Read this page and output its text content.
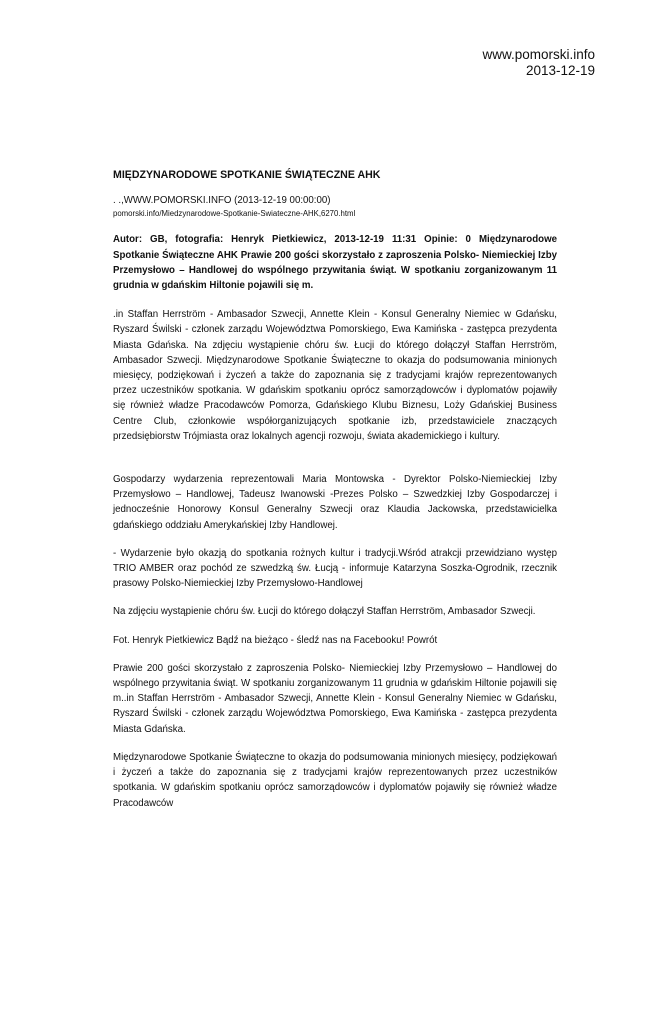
www.pomorski.info
2013-12-19

MIĘDZYNARODOWE SPOTKANIE ŚWIĄTECZNE AHK

. .,WWW.POMORSKI.INFO (2013-12-19 00:00:00)

pomorski.info/Miedzynarodowe-Spotkanie-Swiateczne-AHK,6270.html

Autor: GB, fotografia: Henryk Pietkiewicz, 2013-12-19 11:31 Opinie: 0 Międzynarodowe Spotkanie Świąteczne AHK Prawie 200 gości skorzystało z zaproszenia Polsko- Niemieckiej Izby Przemysłowo – Handlowej do wspólnego przywitania świąt. W spotkaniu zorganizowanym 11 grudnia w gdańskim Hiltonie pojawili się m.

.in Staffan Herrström - Ambasador Szwecji, Annette Klein - Konsul Generalny Niemiec w Gdańsku, Ryszard Świlski - członek zarządu Województwa Pomorskiego, Ewa Kamińska - zastępca prezydenta Miasta Gdańska. Na zdjęciu wystąpienie chóru św. Łucji do którego dołączył Staffan Herrström, Ambasador Szwecji. Międzynarodowe Spotkanie Świąteczne to okazja do podsumowania minionych miesięcy, podziękowań i życzeń a także do zapoznania się z tradycjami krajów reprezentowanych przez uczestników spotkania. W gdańskim spotkaniu oprócz samorządowców i dyplomatów pojawiły się również władze Pracodawców Pomorza, Gdańskiego Klubu Biznesu, Loży Gdańskiej Business Centre Club, członkowie współorganizujących spotkanie izb, przedstawiciele znaczących przedsiębiorstw Trójmiasta oraz lokalnych agencji rozwoju, świata akademickiego i kultury.

Gospodarzy wydarzenia reprezentowali Maria Montowska - Dyrektor Polsko-Niemieckiej Izby Przemysłowo – Handlowej, Tadeusz Iwanowski -Prezes Polsko – Szwedzkiej Izby Gospodarczej i jednocześnie Honorowy Konsul Generalny Szwecji oraz Klaudia Jackowska, przedstawicielka gdańskiego oddziału Amerykańskiej Izby Handlowej.

- Wydarzenie było okazją do spotkania rożnych kultur i tradycji.Wśród atrakcji przewidziano występ TRIO AMBER oraz pochód ze szwedzką św. Łucją - informuje Katarzyna Soszka-Ogrodnik, rzecznik prasowy Polsko-Niemieckiej Izby Przemysłowo-Handlowej

Na zdjęciu wystąpienie chóru św. Łucji do którego dołączył Staffan Herrström, Ambasador Szwecji.

Fot. Henryk Pietkiewicz Bądź na bieżąco - śledź nas na Facebooku! Powrót

Prawie 200 gości skorzystało z zaproszenia Polsko- Niemieckiej Izby Przemysłowo – Handlowej do wspólnego przywitania świąt. W spotkaniu zorganizowanym 11 grudnia w gdańskim Hiltonie pojawili się m..in Staffan Herrström - Ambasador Szwecji, Annette Klein - Konsul Generalny Niemiec w Gdańsku, Ryszard Świlski - członek zarządu Województwa Pomorskiego, Ewa Kamińska - zastępca prezydenta Miasta Gdańska.

Międzynarodowe Spotkanie Świąteczne to okazja do podsumowania minionych miesięcy, podziękowań i życzeń a także do zapoznania się z tradycjami krajów reprezentowanych przez uczestników spotkania. W gdańskim spotkaniu oprócz samorządowców i dyplomatów pojawiły się również władze Pracodawców
